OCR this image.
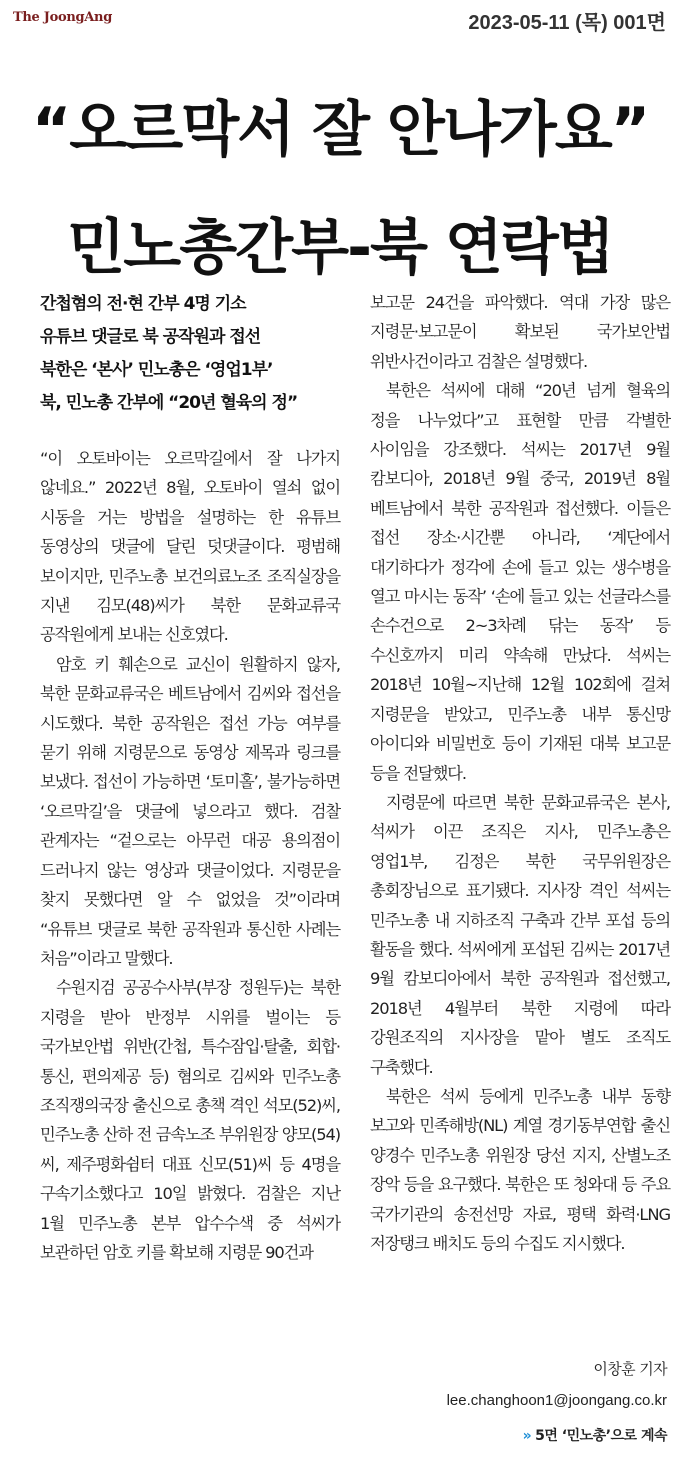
The JoongAng	2023-05-11 (목) 001면
“오르막서 잘 안나가요”
민노총간부-북 연락법
간첩혐의 전·현 간부 4명 기소
유튜브 댓글로 북 공작원과 접선
북한은 ‘본사’ 민노총은 ‘영업1부’
북, 민노총 간부에 “20년 혈육의 정”

“이 오토바이는 오르막길에서 잘 나가지 않네요.” 2022년 8월, 오토바이 열쇠 없이 시동을 거는 방법을 설명하는 한 유튜브 동영상의 댓글에 달린 덧댓글이다. 평범해 보이지만, 민주노총 보건의료노조 조직실장을 지낸 김모(48)씨가 북한 문화교류국 공작원에게 보내는 신호였다.

암호 키 훼손으로 교신이 원활하지 않자, 북한 문화교류국은 베트남에서 김씨와 접선을 시도했다. 북한 공작원은 접선 가능 여부를 묻기 위해 지령문으로 동영상 제목과 링크를 보냈다. 접선이 가능하면 ‘토미홀’, 불가능하면 ‘오르막길’을 댓글에 넣으라고 했다. 검찰 관계자는 “겉으로는 아무런 대공 용의점이 드러나지 않는 영상과 댓글이었다. 지령문을 찾지 못했다면 알 수 없었을 것”이라며 “유튜브 댓글로 북한 공작원과 통신한 사례는 처음”이라고 말했다.

수원지검 공공수사부(부장 정원두)는 북한 지령을 받아 반정부 시위를 벌이는 등 국가보안법 위반(간첩, 특수잠입·탈출, 회합·통신, 편의제공 등) 혐의로 김씨와 민주노총 조직쟁의국장 출신으로 총책 격인 석모(52)씨, 민주노총 산하 전 금속노조 부위원장 양모(54)씨, 제주평화쉼터 대표 신모(51)씨 등 4명을 구속기소했다고 10일 밝혔다. 검찰은 지난 1월 민주노총 본부 압수수색 중 석씨가 보관하던 암호 키를 확보해 지령문 90건과

보고문 24건을 파악했다. 역대 가장 많은 지령문·보고문이 확보된 국가보안법 위반사건이라고 검찰은 설명했다.

북한은 석씨에 대해 “20년 넘게 혈육의 정을 나누었다”고 표현할 만큼 각별한 사이임을 강조했다. 석씨는 2017년 9월 캄보디아, 2018년 9월 중국, 2019년 8월 베트남에서 북한 공작원과 접선했다. 이들은 접선 장소·시간뿐 아니라, ‘계단에서 대기하다가 정각에 손에 들고 있는 생수병을 열고 마시는 동작’ ‘손에 들고 있는 선글라스를 손수건으로 2~3차례 닦는 동작’ 등 수신호까지 미리 약속해 만났다. 석씨는 2018년 10월~지난해 12월 102회에 걸쳐 지령문을 받았고, 민주노총 내부 통신망 아이디와 비밀번호 등이 기재된 대북 보고문 등을 전달했다.

지령문에 따르면 북한 문화교류국은 본사, 석씨가 이끈 조직은 지사, 민주노총은 영업1부, 김정은 북한 국무위원장은 총회장님으로 표기됐다. 지사장 격인 석씨는 민주노총 내 지하조직 구축과 간부 포섭 등의 활동을 했다. 석씨에게 포섭된 김씨는 2017년 9월 캄보디아에서 북한 공작원과 접선했고, 2018년 4월부터 북한 지령에 따라 강원조직의 지사장을 맡아 별도 조직도 구축했다.

북한은 석씨 등에게 민주노총 내부 동향 보고와 민족해방(NL) 계열 경기동부연합 출신 양경수 민주노총 위원장 당선 지지, 산별노조 장악 등을 요구했다. 북한은 또 청와대 등 주요 국가기관의 송전선망 자료, 평택 화력·LNG 저장탱크 배치도 등의 수집도 지시했다.

이창훈 기자
lee.changhoon1@joongang.co.kr
» 5면 ‘민노총’으로 계속
